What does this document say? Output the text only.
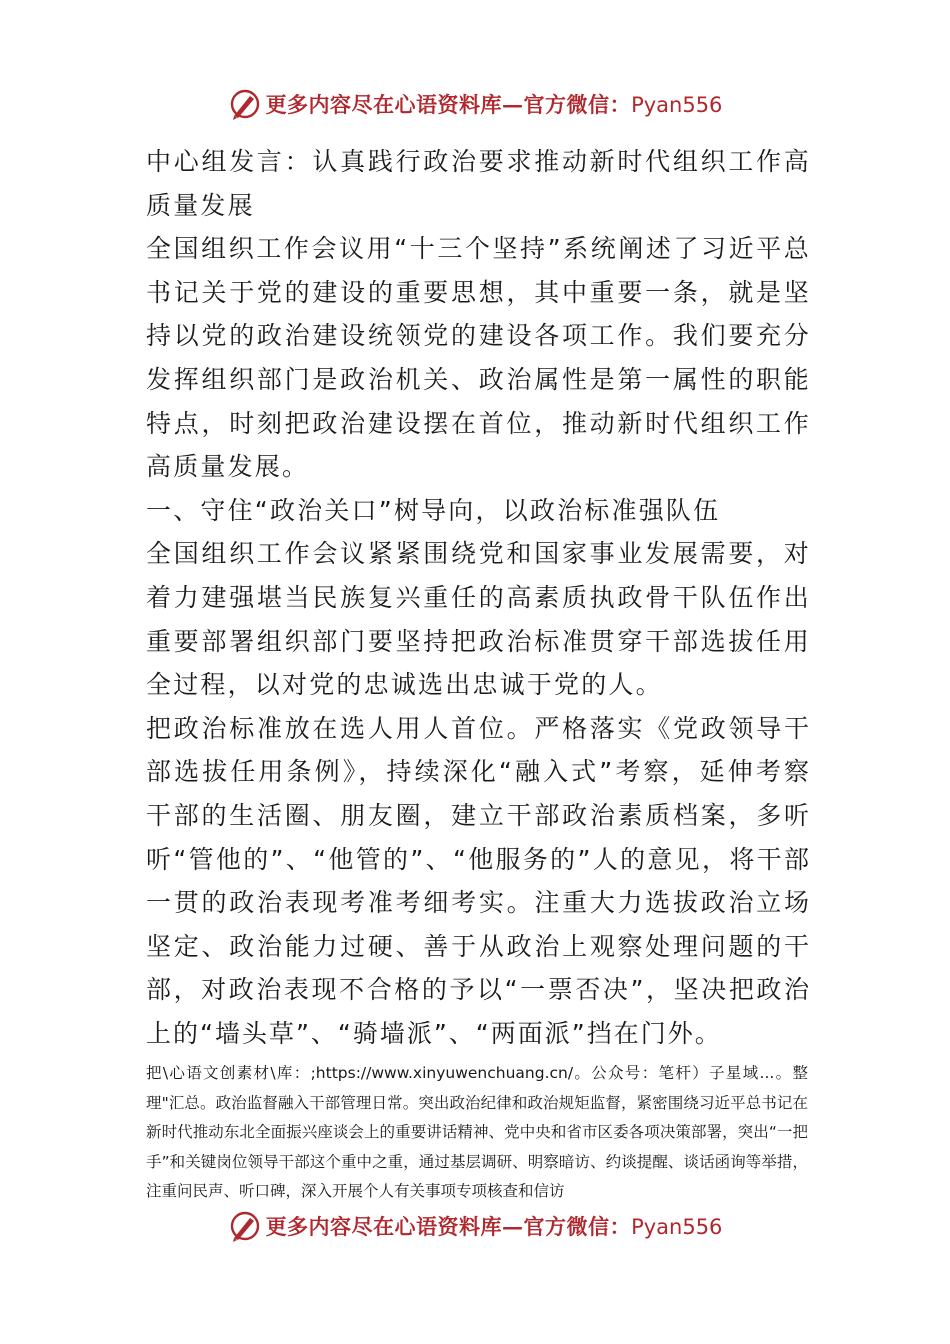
更多内容尽在心语资料库—官方微信：Pyan556

中心组发言：认真践行政治要求推动新时代组织工作高质量发展

全国组织工作会议用“十三个坚持”系统阐述了习近平总书记关于党的建设的重要思想，其中重要一条，就是坚持以党的政治建设统领党的建设各项工作。我们要充分发挥组织部门是政治机关、政治属性是第一属性的职能特点，时刻把政治建设摆在首位，推动新时代组织工作高质量发展。

一、守住“政治关口”树导向，以政治标准强队伍

全国组织工作会议紧紧围绕党和国家事业发展需要，对着力建强堪当民族复兴重任的高素质执政骨干队伍作出重要部署组织部门要坚持把政治标准贯穿干部选拔任用全过程，以对党的忠诚选出忠诚于党的人。

把政治标准放在选人用人首位。严格落实《党政领导干部选拔任用条例》，持续深化“融入式”考察，延伸考察干部的生活圈、朋友圈，建立干部政治素质档案，多听听“管他的”、“他管的”、“他服务的”人的意见，将干部一贯的政治表现考准考细考实。注重大力选拔政治立场坚定、政治能力过硬、善于从政治上观察处理问题的干部，对政治表现不合格的予以“一票否决”，坚决把政治上的“墙头草”、“骑墙派”、“两面派”挡在门外。

把\心语文创素材\库：;https://www.xinyuwenchuang.cn/。公众号：笔杆）子星域...。整理"汇总。政治监督融入干部管理日常。突出政治纪律和政治规矩监督，紧密围绕习近平总书记在新时代推动东北全面振兴座谈会上的重要讲话精神、党中央和省市区委各项决策部署，突出“一把手”和关键岗位领导干部这个重中之重，通过基层调研、明察暗访、约谈提醒、谈话函询等举措，注重问民声、听口碑，深入开展个人有关事项专项核查和信访

更多内容尽在心语资料库—官方微信：Pyan556
